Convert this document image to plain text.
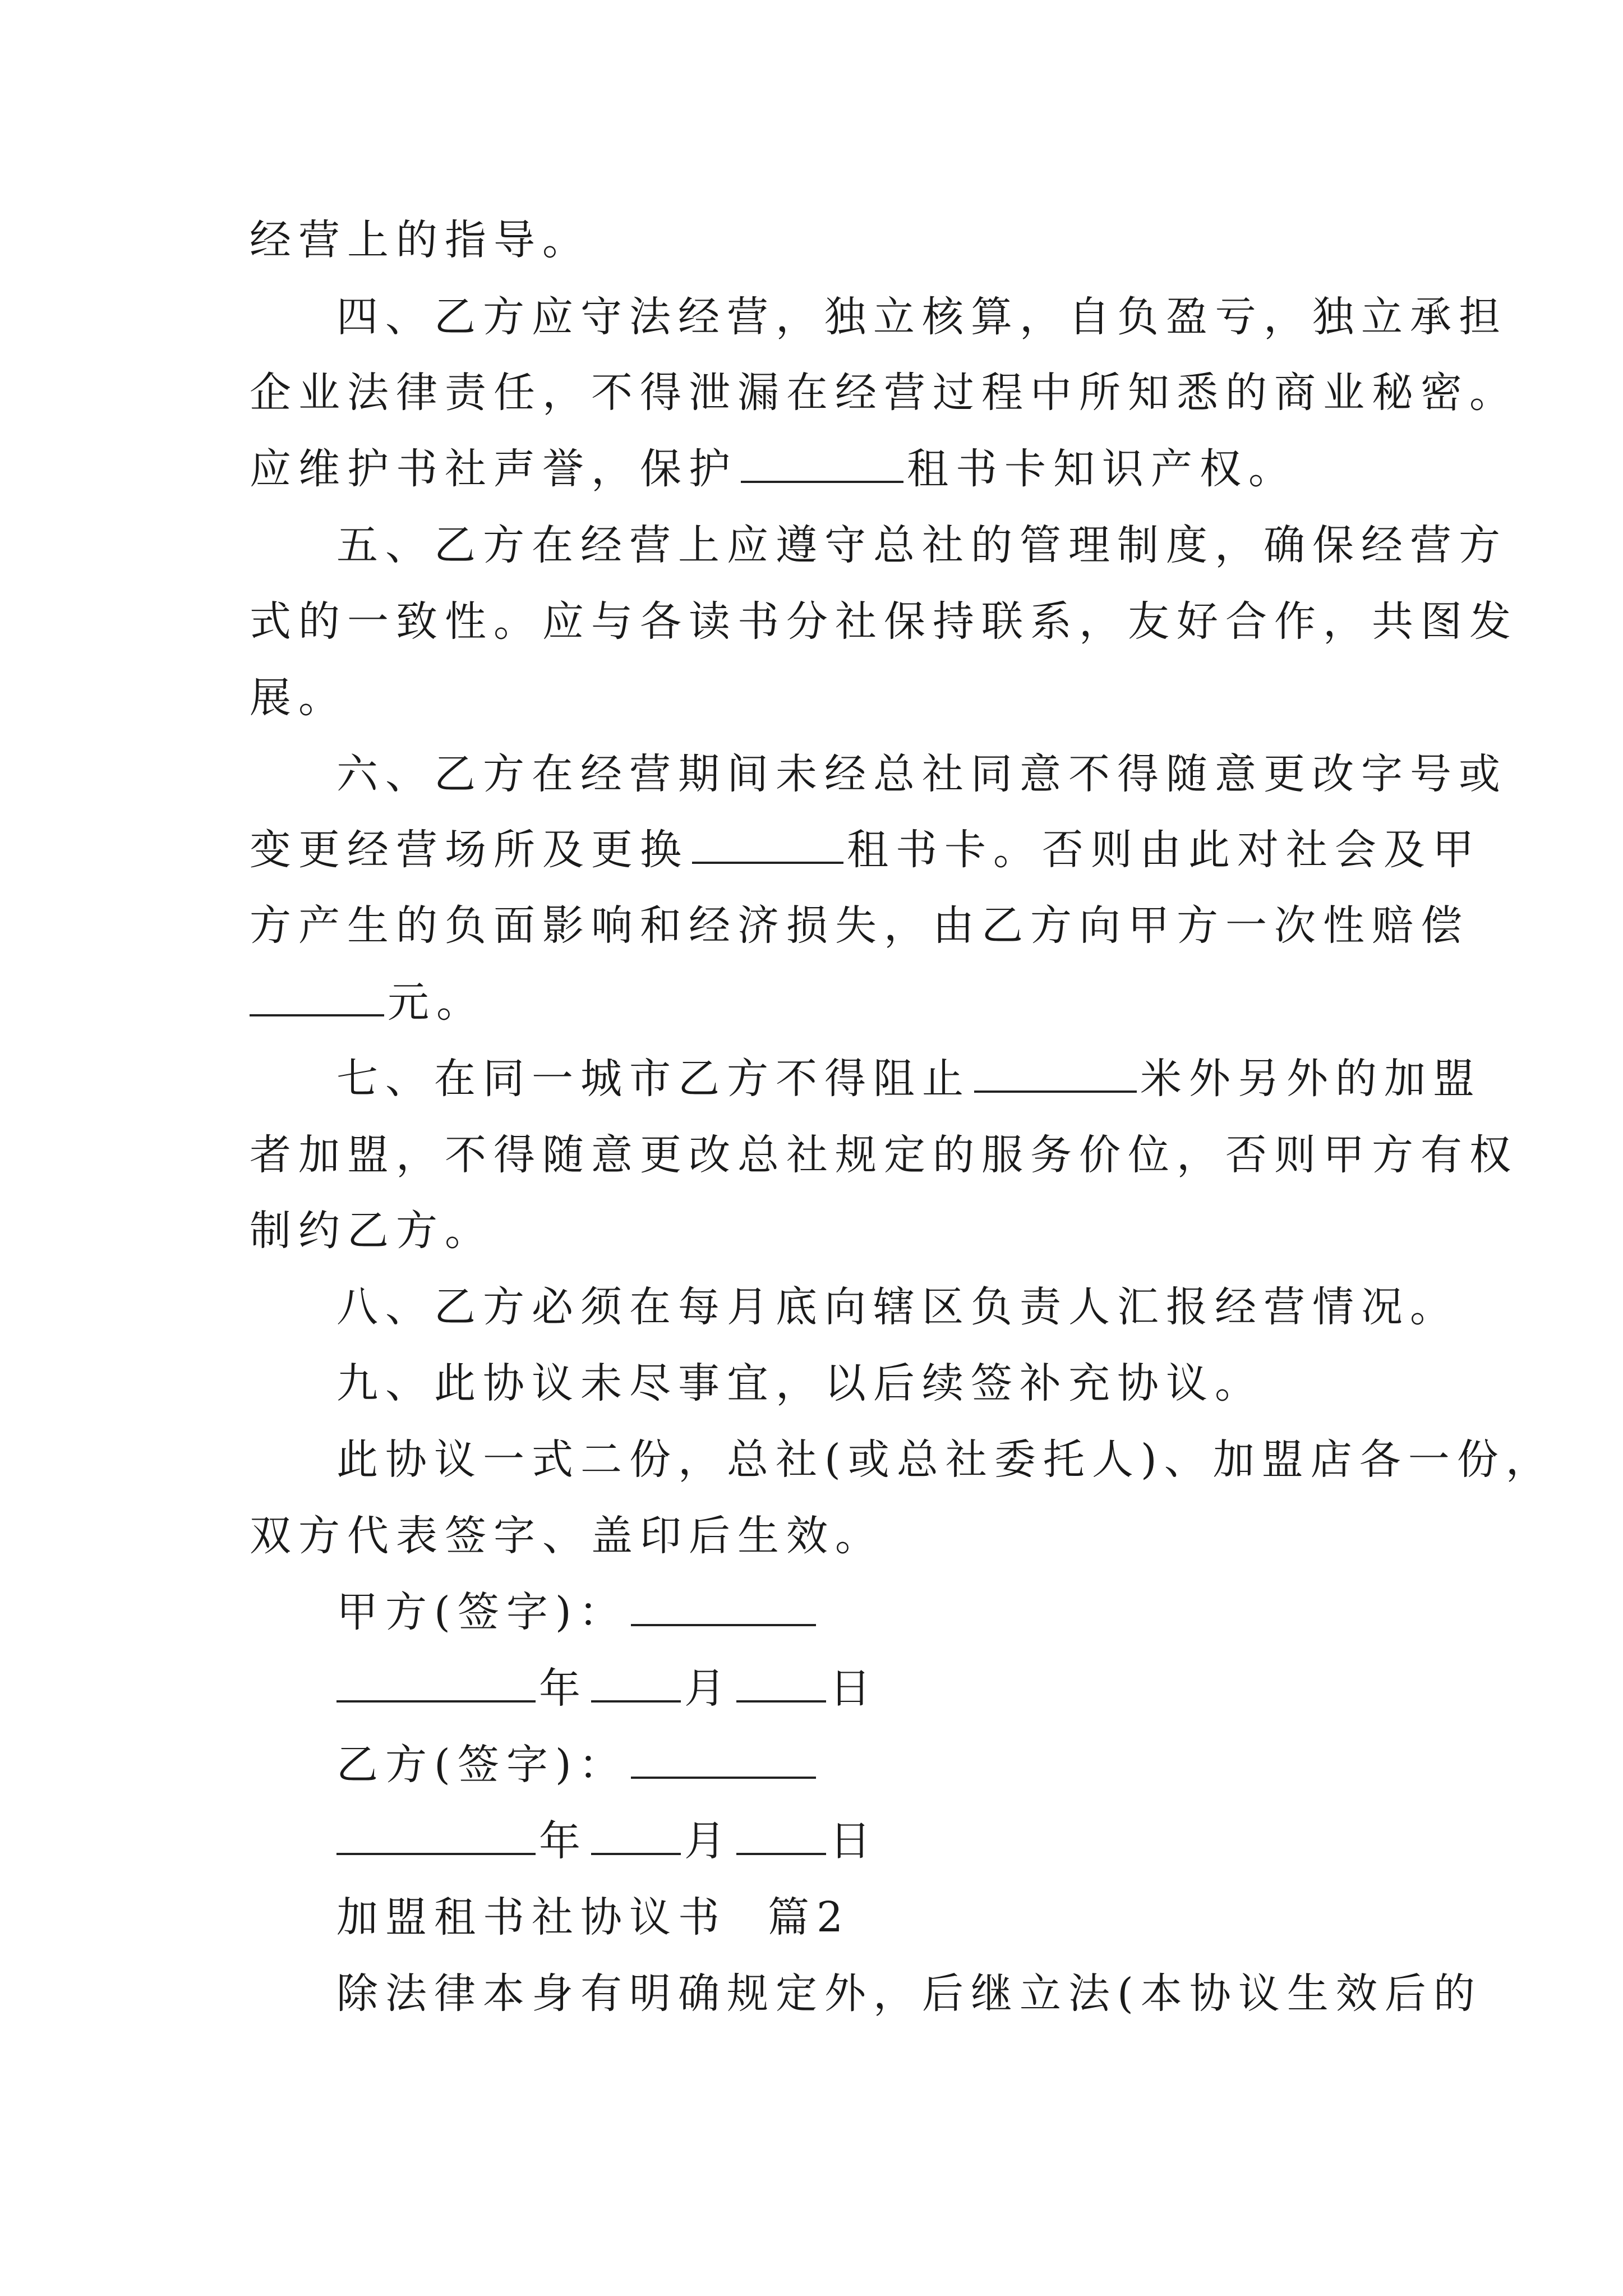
经营上的指导。
四、乙方应守法经营，独立核算，自负盈亏，独立承担
企业法律责任，不得泄漏在经营过程中所知悉的商业秘密。
应维护书社声誉，保护	租书卡知识产权。
五、乙方在经营上应遵守总社的管理制度，确保经营方
式的一致性。应与各读书分社保持联系，友好合作，共图发
展。
六、乙方在经营期间未经总社同意不得随意更改字号或
变更经营场所及更换	租书卡。否则由此对社会及甲
方产生的负面影响和经济损失，由乙方向甲方一次性赔偿
元。
七、在同一城市乙方不得阻止	米外另外的加盟
者加盟，不得随意更改总社规定的服务价位，否则甲方有权
制约乙方。
八、乙方必须在每月底向辖区负责人汇报经营情况。
九、此协议未尽事宜，以后续签补充协议。
此协议一式二份，总社(或总社委托人)、加盟店各一份，
双方代表签字、盖印后生效。
甲方(签字)：
年 月 日
乙方(签字)：
年 月 日
加盟租书社协议书  篇2
除法律本身有明确规定外，后继立法(本协议生效后的
